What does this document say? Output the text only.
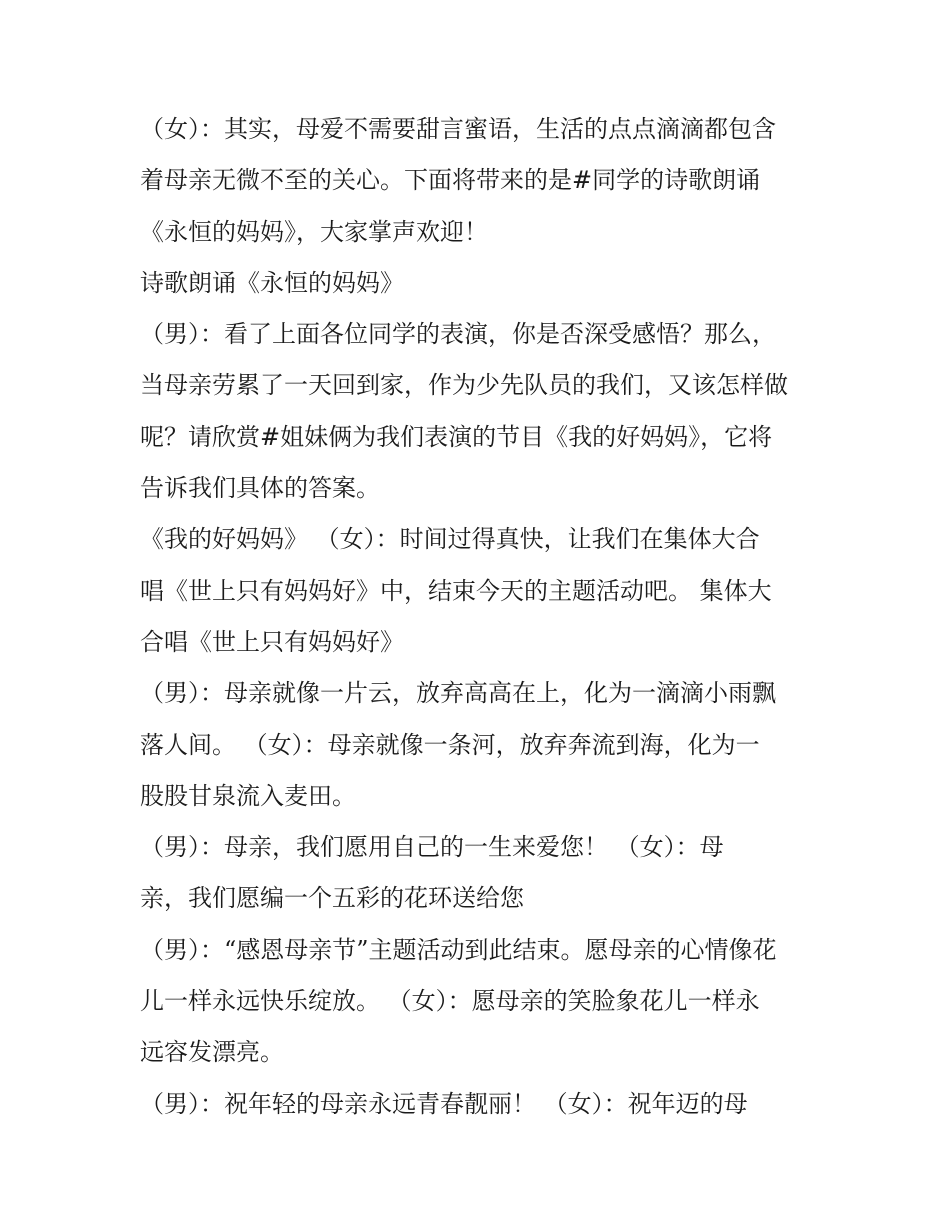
（女）：其实，母爱不需要甜言蜜语，生活的点点滴滴都包含
着母亲无微不至的关心。下面将带来的是#同学的诗歌朗诵
《永恒的妈妈》，大家掌声欢迎！
诗歌朗诵《永恒的妈妈》
（男）：看了上面各位同学的表演，你是否深受感悟？那么，
当母亲劳累了一天回到家，作为少先队员的我们，又该怎样做
呢？请欣赏#姐妹俩为我们表演的节目《我的好妈妈》，它将
告诉我们具体的答案。
《我的好妈妈》 （女）：时间过得真快，让我们在集体大合
唱《世上只有妈妈好》中，结束今天的主题活动吧。 集体大
合唱《世上只有妈妈好》
（男）：母亲就像一片云，放弃高高在上，化为一滴滴小雨飘
落人间。 （女）：母亲就像一条河，放弃奔流到海，化为一
股股甘泉流入麦田。
（男）：母亲，我们愿用自己的一生来爱您！ （女）：母
亲，我们愿编一个五彩的花环送给您
（男）：“感恩母亲节”主题活动到此结束。愿母亲的心情像花
儿一样永远快乐绽放。 （女）：愿母亲的笑脸象花儿一样永
远容发漂亮。
（男）：祝年轻的母亲永远青春靓丽！ （女）：祝年迈的母
